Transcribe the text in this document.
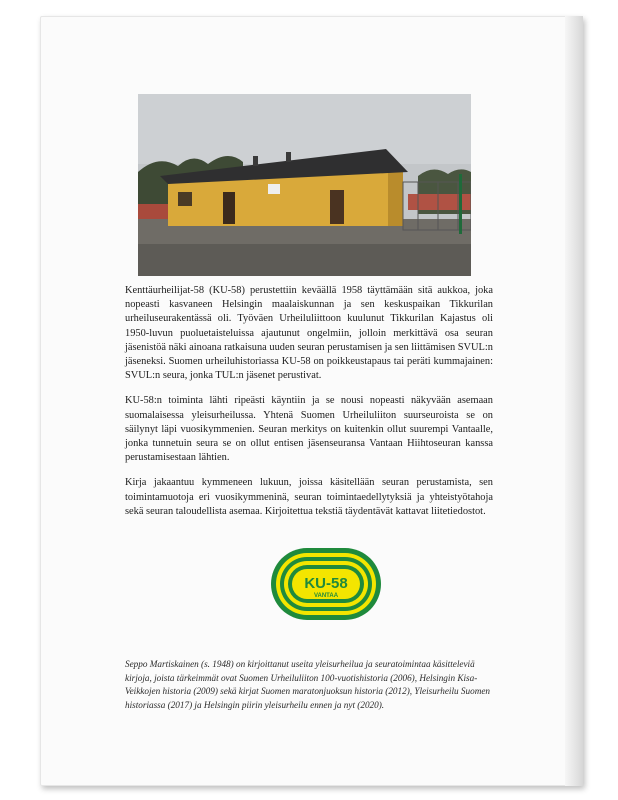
Kenttäurheilijat-58 (KU-58) perustettiin keväällä 1958 täyttämään sitä aukkoa, joka nopeasti kasvaneen Helsingin maalaiskunnan ja sen keskuspaikan Tikkurilan urheiluseurakentässä oli. Työväen Urheiluliittoon kuulunut Tikkurilan Kajastus oli 1950-luvun puoluetaisteluissa ajautunut ongelmiin, jolloin merkittävä osa seuran jäsenistöä näki ainoana ratkaisuna uuden seuran perustamisen ja sen liittämisen SVUL:n jäseneksi. Suomen urheiluhistoriassa KU-58 on poikkeustapaus tai peräti kummajainen: SVUL:n seura, jonka TUL:n jäsenet perustivat.

KU-58:n toiminta lähti ripeästi käyntiin ja se nousi nopeasti näkyvään asemaan suomalaisessa yleisurheilussa. Yhtenä Suomen Urheiluliiton suurseuroista se on säilynyt läpi vuosikymmenien. Seuran merkitys on kuitenkin ollut suurempi Vantaalle, jonka tunnetuin seura se on ollut entisen jäsenseuransa Vantaan Hiihtoseuran kanssa perustamisestaan lähtien.

Kirja jakaantuu kymmeneen lukuun, joissa käsitellään seuran perustamista, sen toimintamuotoja eri vuosikymmeninä, seuran toimintaedellytyksiä ja yhteistyötahoja sekä seuran taloudellista asemaa. Kirjoitettua tekstiä täydentävät kattavat liitetiedostot.

KU-58
VANTAA
Seppo Martiskainen (s. 1948) on kirjoittanut useita yleisurheilua ja seuratoimintaa käsitteleviä kirjoja, joista tärkeimmät ovat Suomen Urheiluliiton 100-vuotishistoria (2006), Helsingin Kisa-Veikkojen historia (2009) sekä kirjat Suomen maratonjuoksun historia (2012), Yleisurheilu Suomen historiassa (2017) ja Helsingin piirin yleisurheilu ennen ja nyt (2020).
